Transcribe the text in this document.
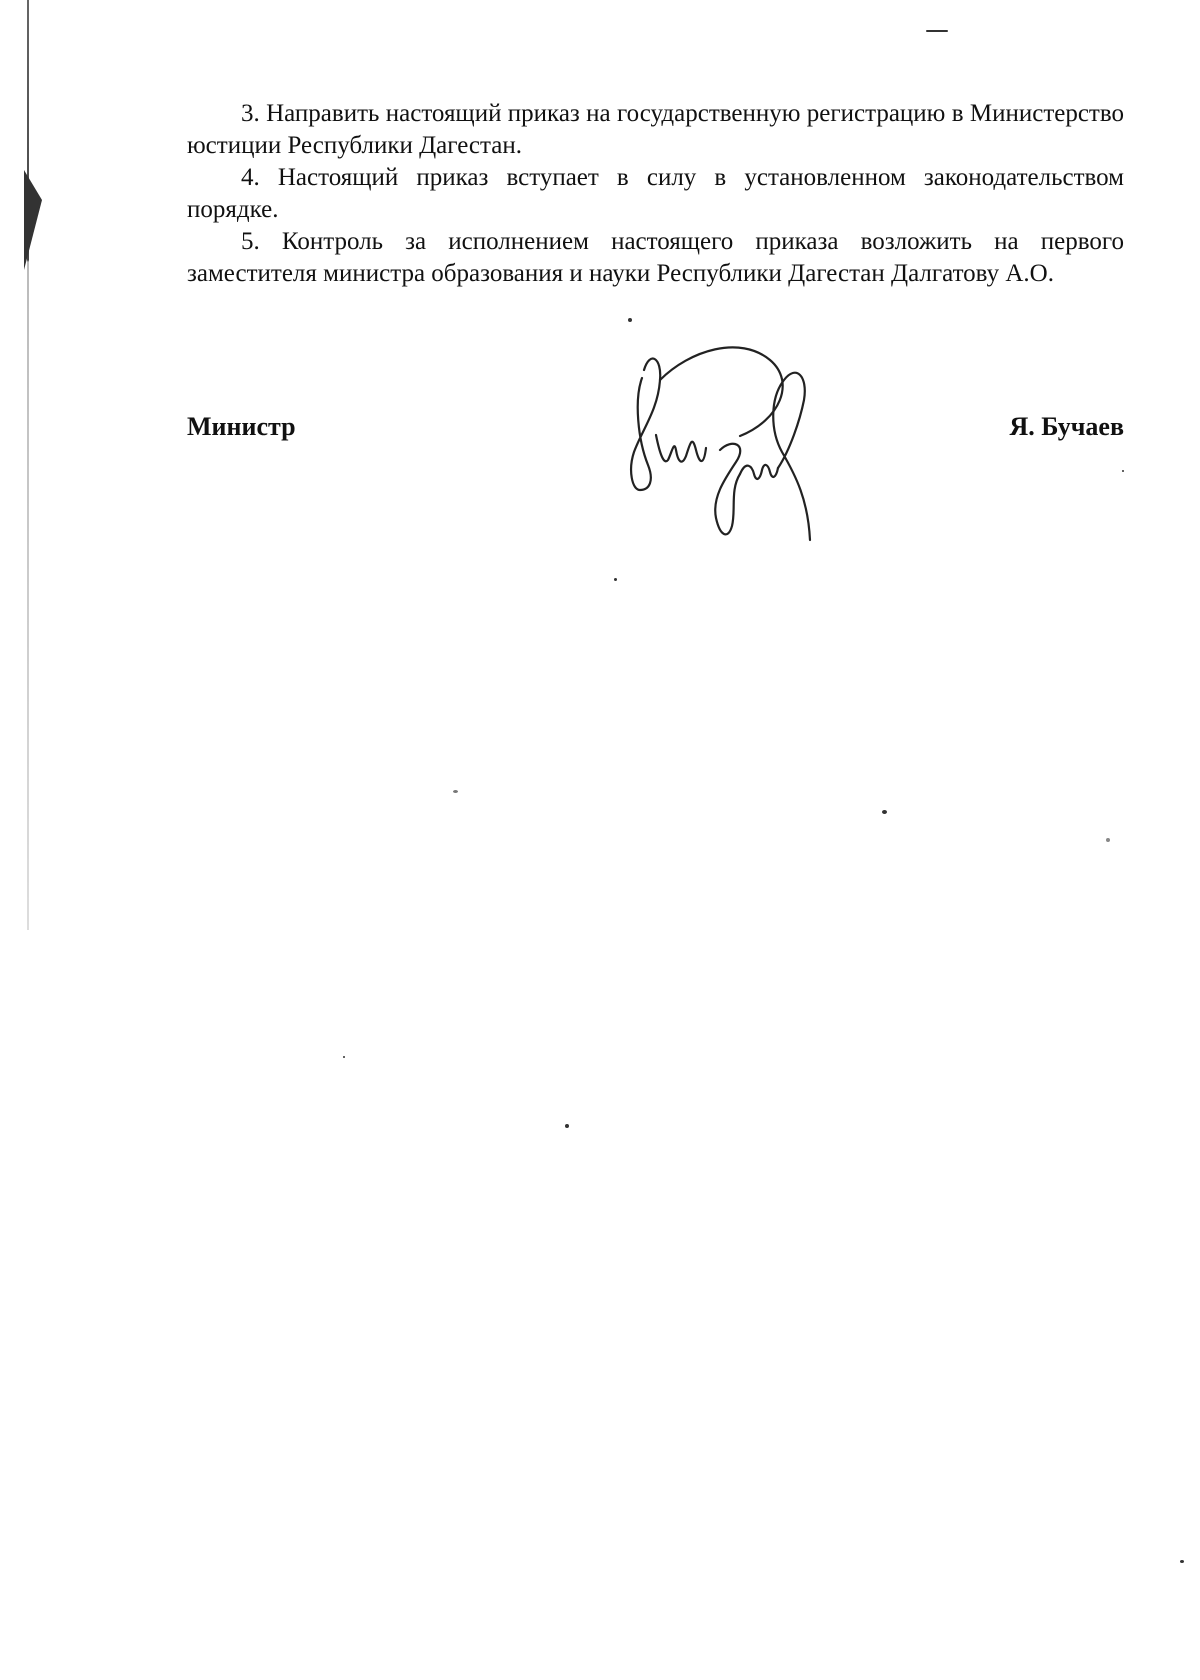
3. Направить настоящий приказ на государственную регистрацию в Министерство юстиции Республики Дагестан.

4. Настоящий приказ вступает в силу в установленном законодательством порядке.

5. Контроль за исполнением настоящего приказа возложить на первого заместителя министра образования и науки Республики Дагестан Далгатову А.О.

Министр	Я. Бучаев
